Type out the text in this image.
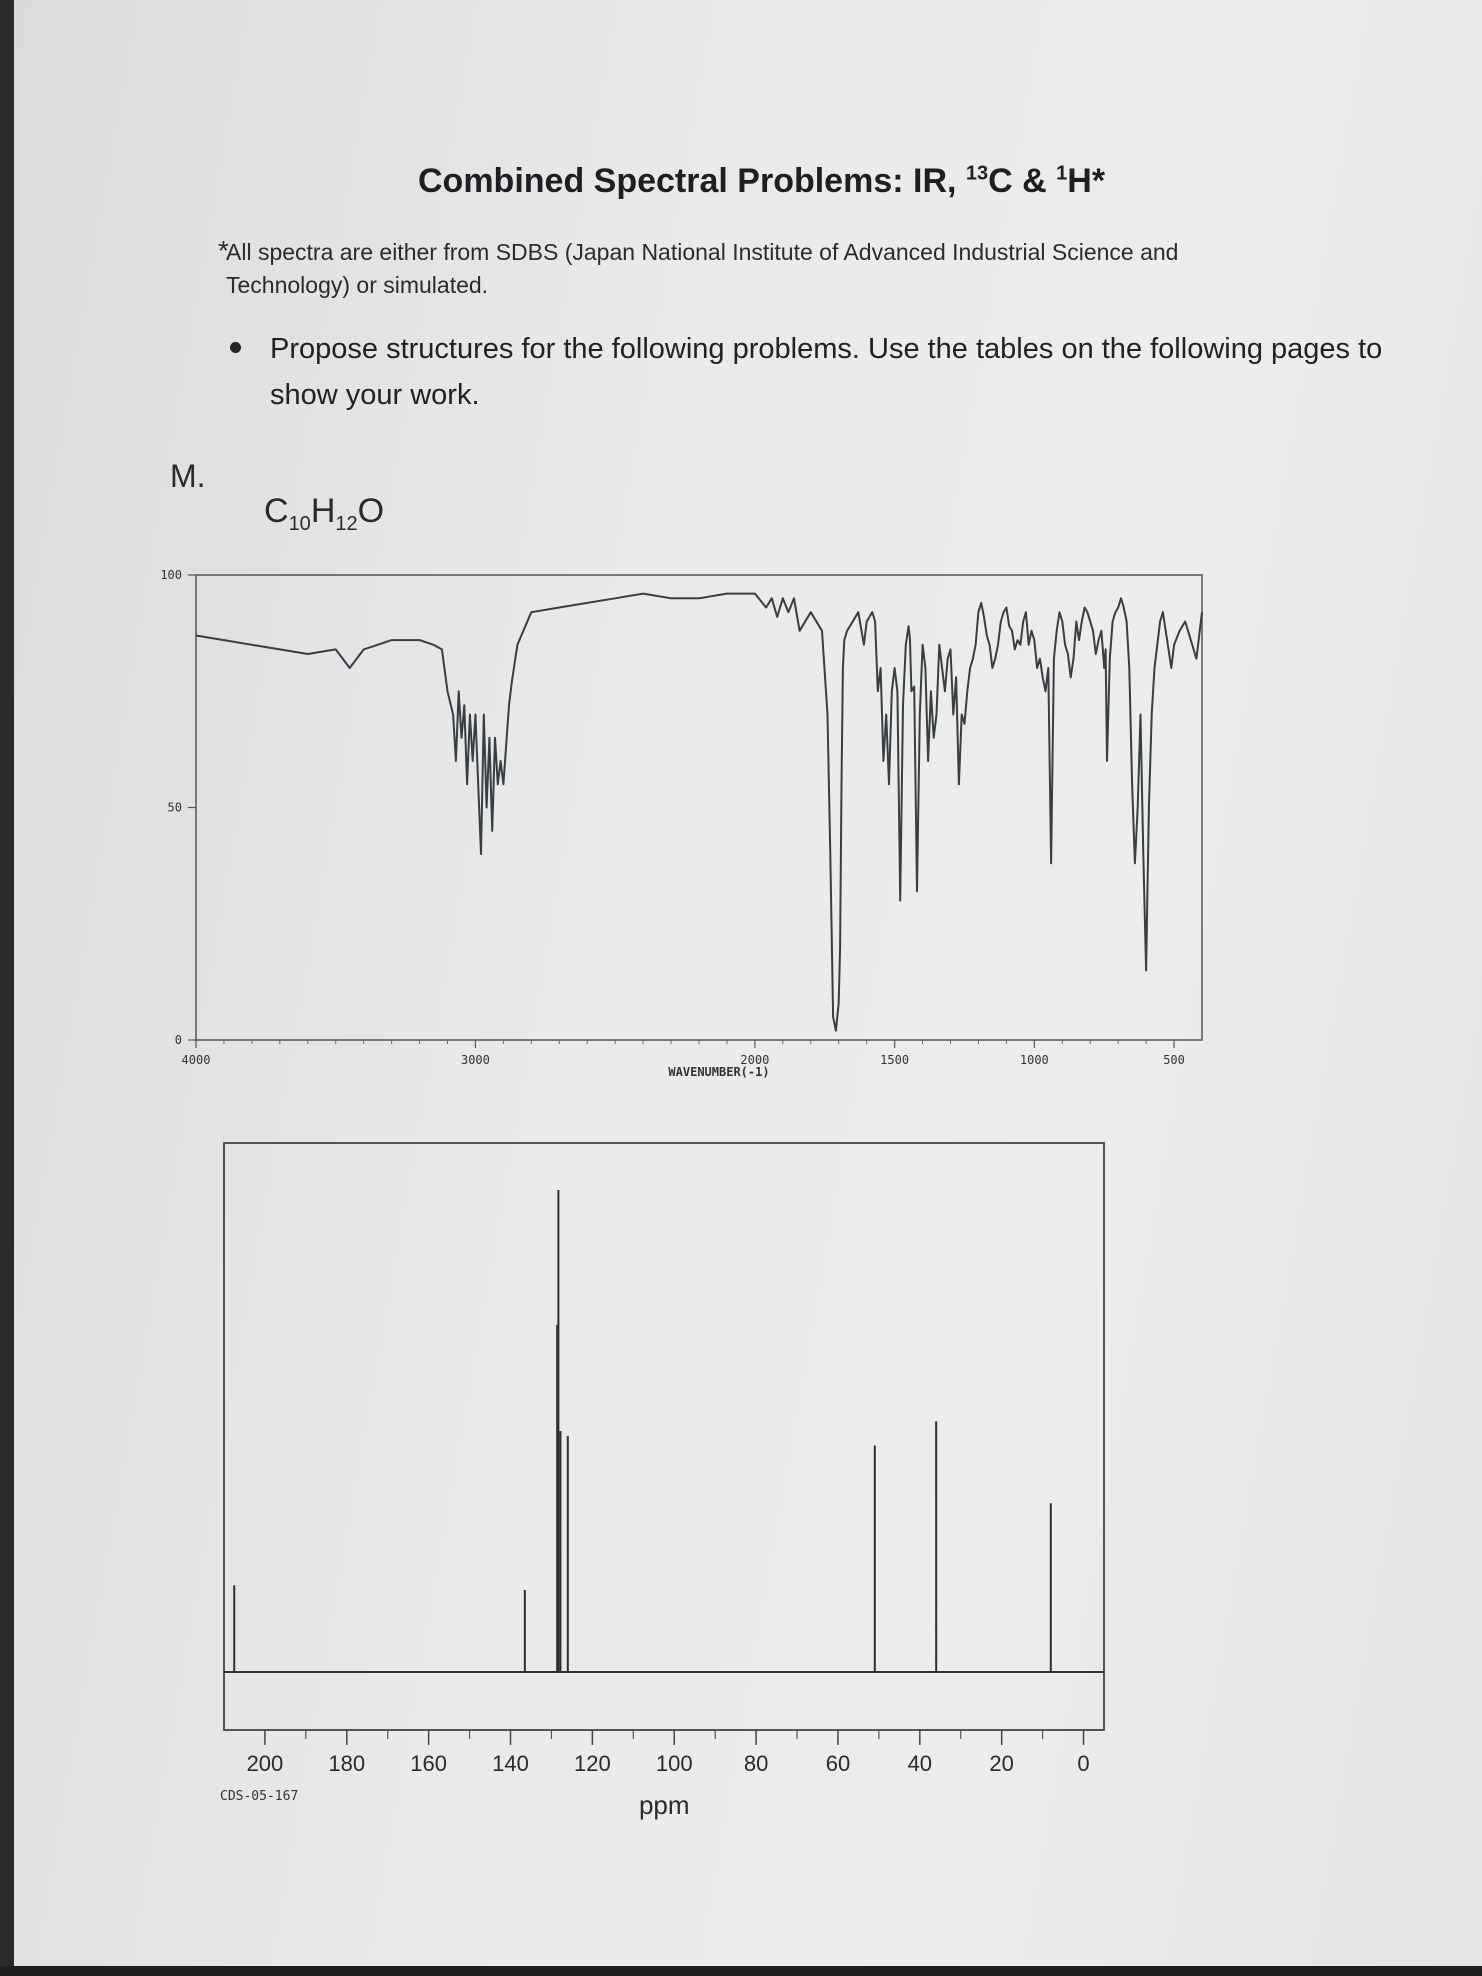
Combined Spectral Problems: IR, $^{13}$C & $^1$H*
*
All spectra are either from SDBS (Japan National Institute of Advanced Industrial Science and Technology) or simulated.
Propose structures for the following problems. Use the tables on the following pages to show your work.
M.
$C_{10}H_{12}O$
4000	3000	2000	1500	1000	500
100
50
0
WAVENUMBER(-1)
200 180 160 140 120 100 80	60	40	20	0
ppm
CDS-05-167
